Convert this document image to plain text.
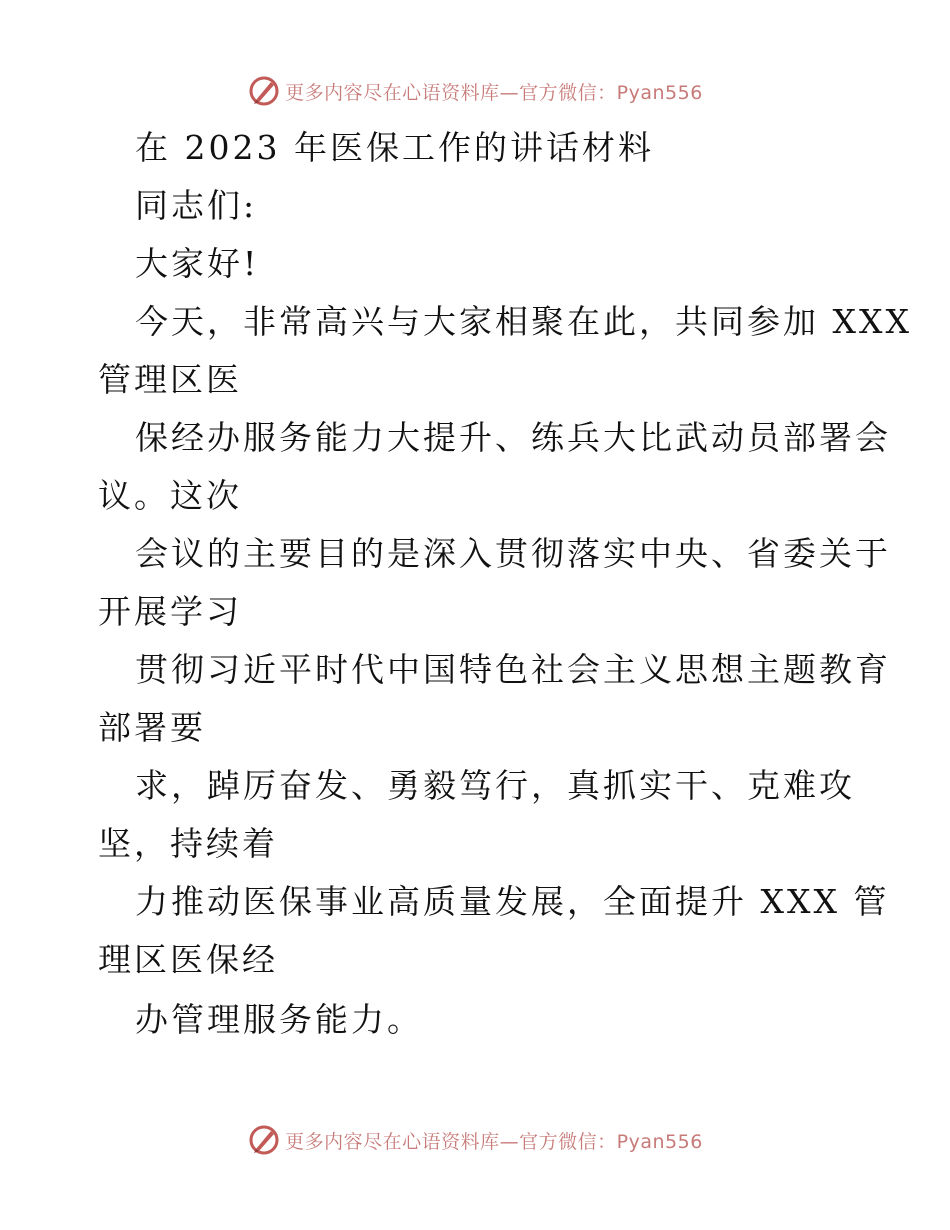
更多内容尽在心语资料库—官方微信：Pyan556
在 2023 年医保工作的讲话材料
同志们:
大家好!
今天，非常高兴与大家相聚在此，共同参加 XXX
管理区医
保经办服务能力大提升、练兵大比武动员部署会
议。这次
会议的主要目的是深入贯彻落实中央、省委关于
开展学习
贯彻习近平时代中国特色社会主义思想主题教育
部署要
求，踔厉奋发、勇毅笃行，真抓实干、克难攻
坚，持续着
力推动医保事业高质量发展，全面提升 XXX 管
理区医保经
办管理服务能力。
更多内容尽在心语资料库—官方微信：Pyan556
